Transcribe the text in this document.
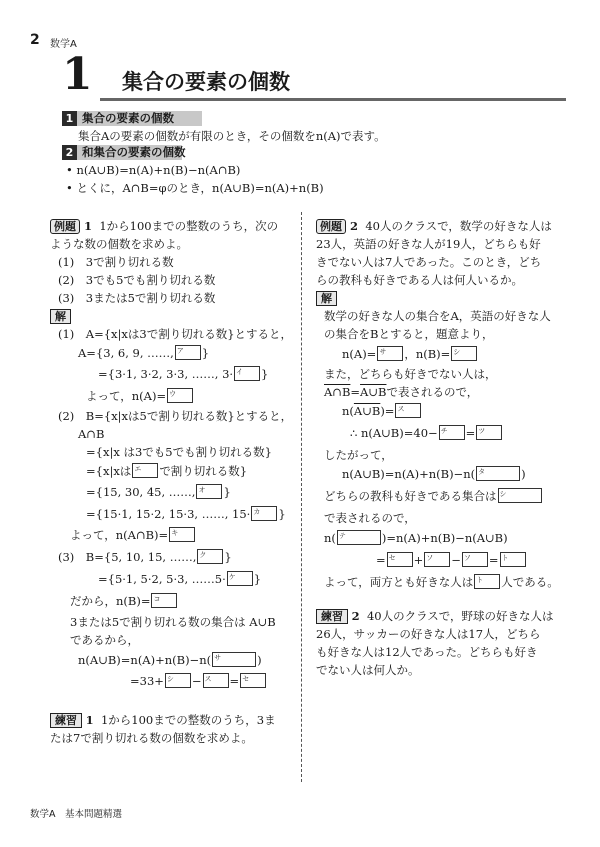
2 数学A
1 集合の要素の個数
1 集合の要素の個数
集合Aの要素の個数が有限のとき，その個数をn(A)で表す。
2 和集合の要素の個数
• n(A∪B)=n(A)+n(B)−n(A∩B)
• とくに，A∩B=φのとき，n(A∪B)=n(A)+n(B)
例題 1 1から100までの整数のうち，次の
ような数の個数を求めよ。
(1)　3で割り切れる数
(2)　3でも5でも割り切れる数
(3)　3または5で割り切れる数
解
(1)　A={x|xは3で割り切れる数}とすると，
A={3, 6, 9, ……, ア }
={3·1, 3·2, 3·3, ……, 3· イ }
よって，n(A)= ウ
(2)　B={x|xは5で割り切れる数}とすると，
A∩B
={x|x は3でも5でも割り切れる数}
={x|xは エ で割り切れる数}
={15, 30, 45, ……, オ }
={15·1, 15·2, 15·3, ……, 15· カ }
よって，n(A∩B)= キ
(3)　B={5, 10, 15, ……, ク }
={5·1, 5·2, 5·3, ……5· ケ }
だから，n(B)= コ
3または5で割り切れる数の集合は A∪B
であるから，
n(A∪B)=n(A)+n(B)−n( サ	)
=33+ シ − ス = セ
練習 1 1から100までの整数のうち，3ま
たは7で割り切れる数の個数を求めよ。
例題 2 40人のクラスで，数学の好きな人は
23人，英語の好きな人が19人，どちらも好
きでない人は7人であった。このとき，どち
らの教科も好きである人は何人いるか。
解
数学の好きな人の集合をA，英語の好きな人
の集合をBとすると，題意より，
n(A)= サ ，n(B)= シ
また，どちらも好きでない人は，
A∩B=A∪Bで表されるので，
n(A∪B)= ス
∴ n(A∪B)=40− チ = ツ
したがって，
n(A∪B)=n(A)+n(B)−n( タ	)
どちらの教科も好きである集合は シ
で表されるので，
n( テ	)=n(A)+n(B)−n(A∪B)
= セ + ソ − ソ = ト
よって，両方とも好きな人は ト 人である。
練習 2 40人のクラスで，野球の好きな人は
26人，サッカーの好きな人は17人，どちら
も好きな人は12人であった。どちらも好き
でない人は何人か。
数学A　基本問題精選
